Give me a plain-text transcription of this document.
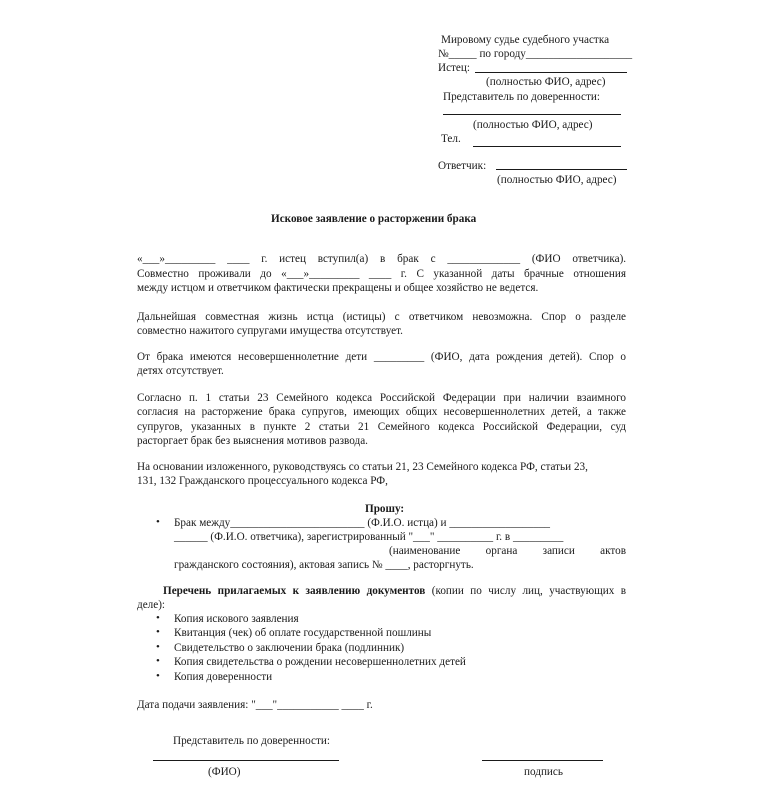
Мировому судье судебного участка
№_____ по городу___________________
Истец:
(полностью ФИО, адрес)
Представитель по доверенности:
(полностью ФИО, адрес)
Тел.
Ответчик:
(полностью ФИО, адрес)
Исковое заявление о расторжении брака
«___»_________ ____ г. истец вступил(а) в брак с _____________ (ФИО ответчика).
Совместно проживали до «___»_________ ____ г. С указанной даты брачные отношения
между истцом и ответчиком фактически прекращены и общее хозяйство не ведется.
Дальнейшая совместная жизнь истца (истицы) с ответчиком невозможна. Спор о разделе
совместно нажитого супругами имущества отсутствует.
От брака имеются несовершеннолетние дети _________ (ФИО, дата рождения детей). Спор о
детях отсутствует.
Согласно п. 1 статьи 23 Семейного кодекса Российской Федерации при наличии взаимного
согласия на расторжение брака супругов, имеющих общих несовершеннолетних детей, а также
супругов, указанных в пункте 2 статьи 21 Семейного кодекса Российской Федерации, суд
расторгает брак без выяснения мотивов развода.
На основании изложенного, руководствуясь со статьи 21, 23 Семейного кодекса РФ, статьи 23,
131, 132 Гражданского процессуального кодекса РФ,
Прошу:
• Брак между________________________ (Ф.И.О. истца) и __________________
______ (Ф.И.О. ответчика), зарегистрированный "___" __________ г. в _________
(наименование органа записи актов
гражданского состояния), актовая запись № ____, расторгнуть.
Перечень прилагаемых к заявлению документов (копии по числу лиц, участвующих в
деле):
• Копия искового заявления
• Квитанция (чек) об оплате государственной пошлины
• Свидетельство о заключении брака (подлинник)
• Копия свидетельства о рождении несовершеннолетних детей
• Копия доверенности
Дата подачи заявления: "___"___________ ____ г.
Представитель по доверенности:
(ФИО)	подпись
